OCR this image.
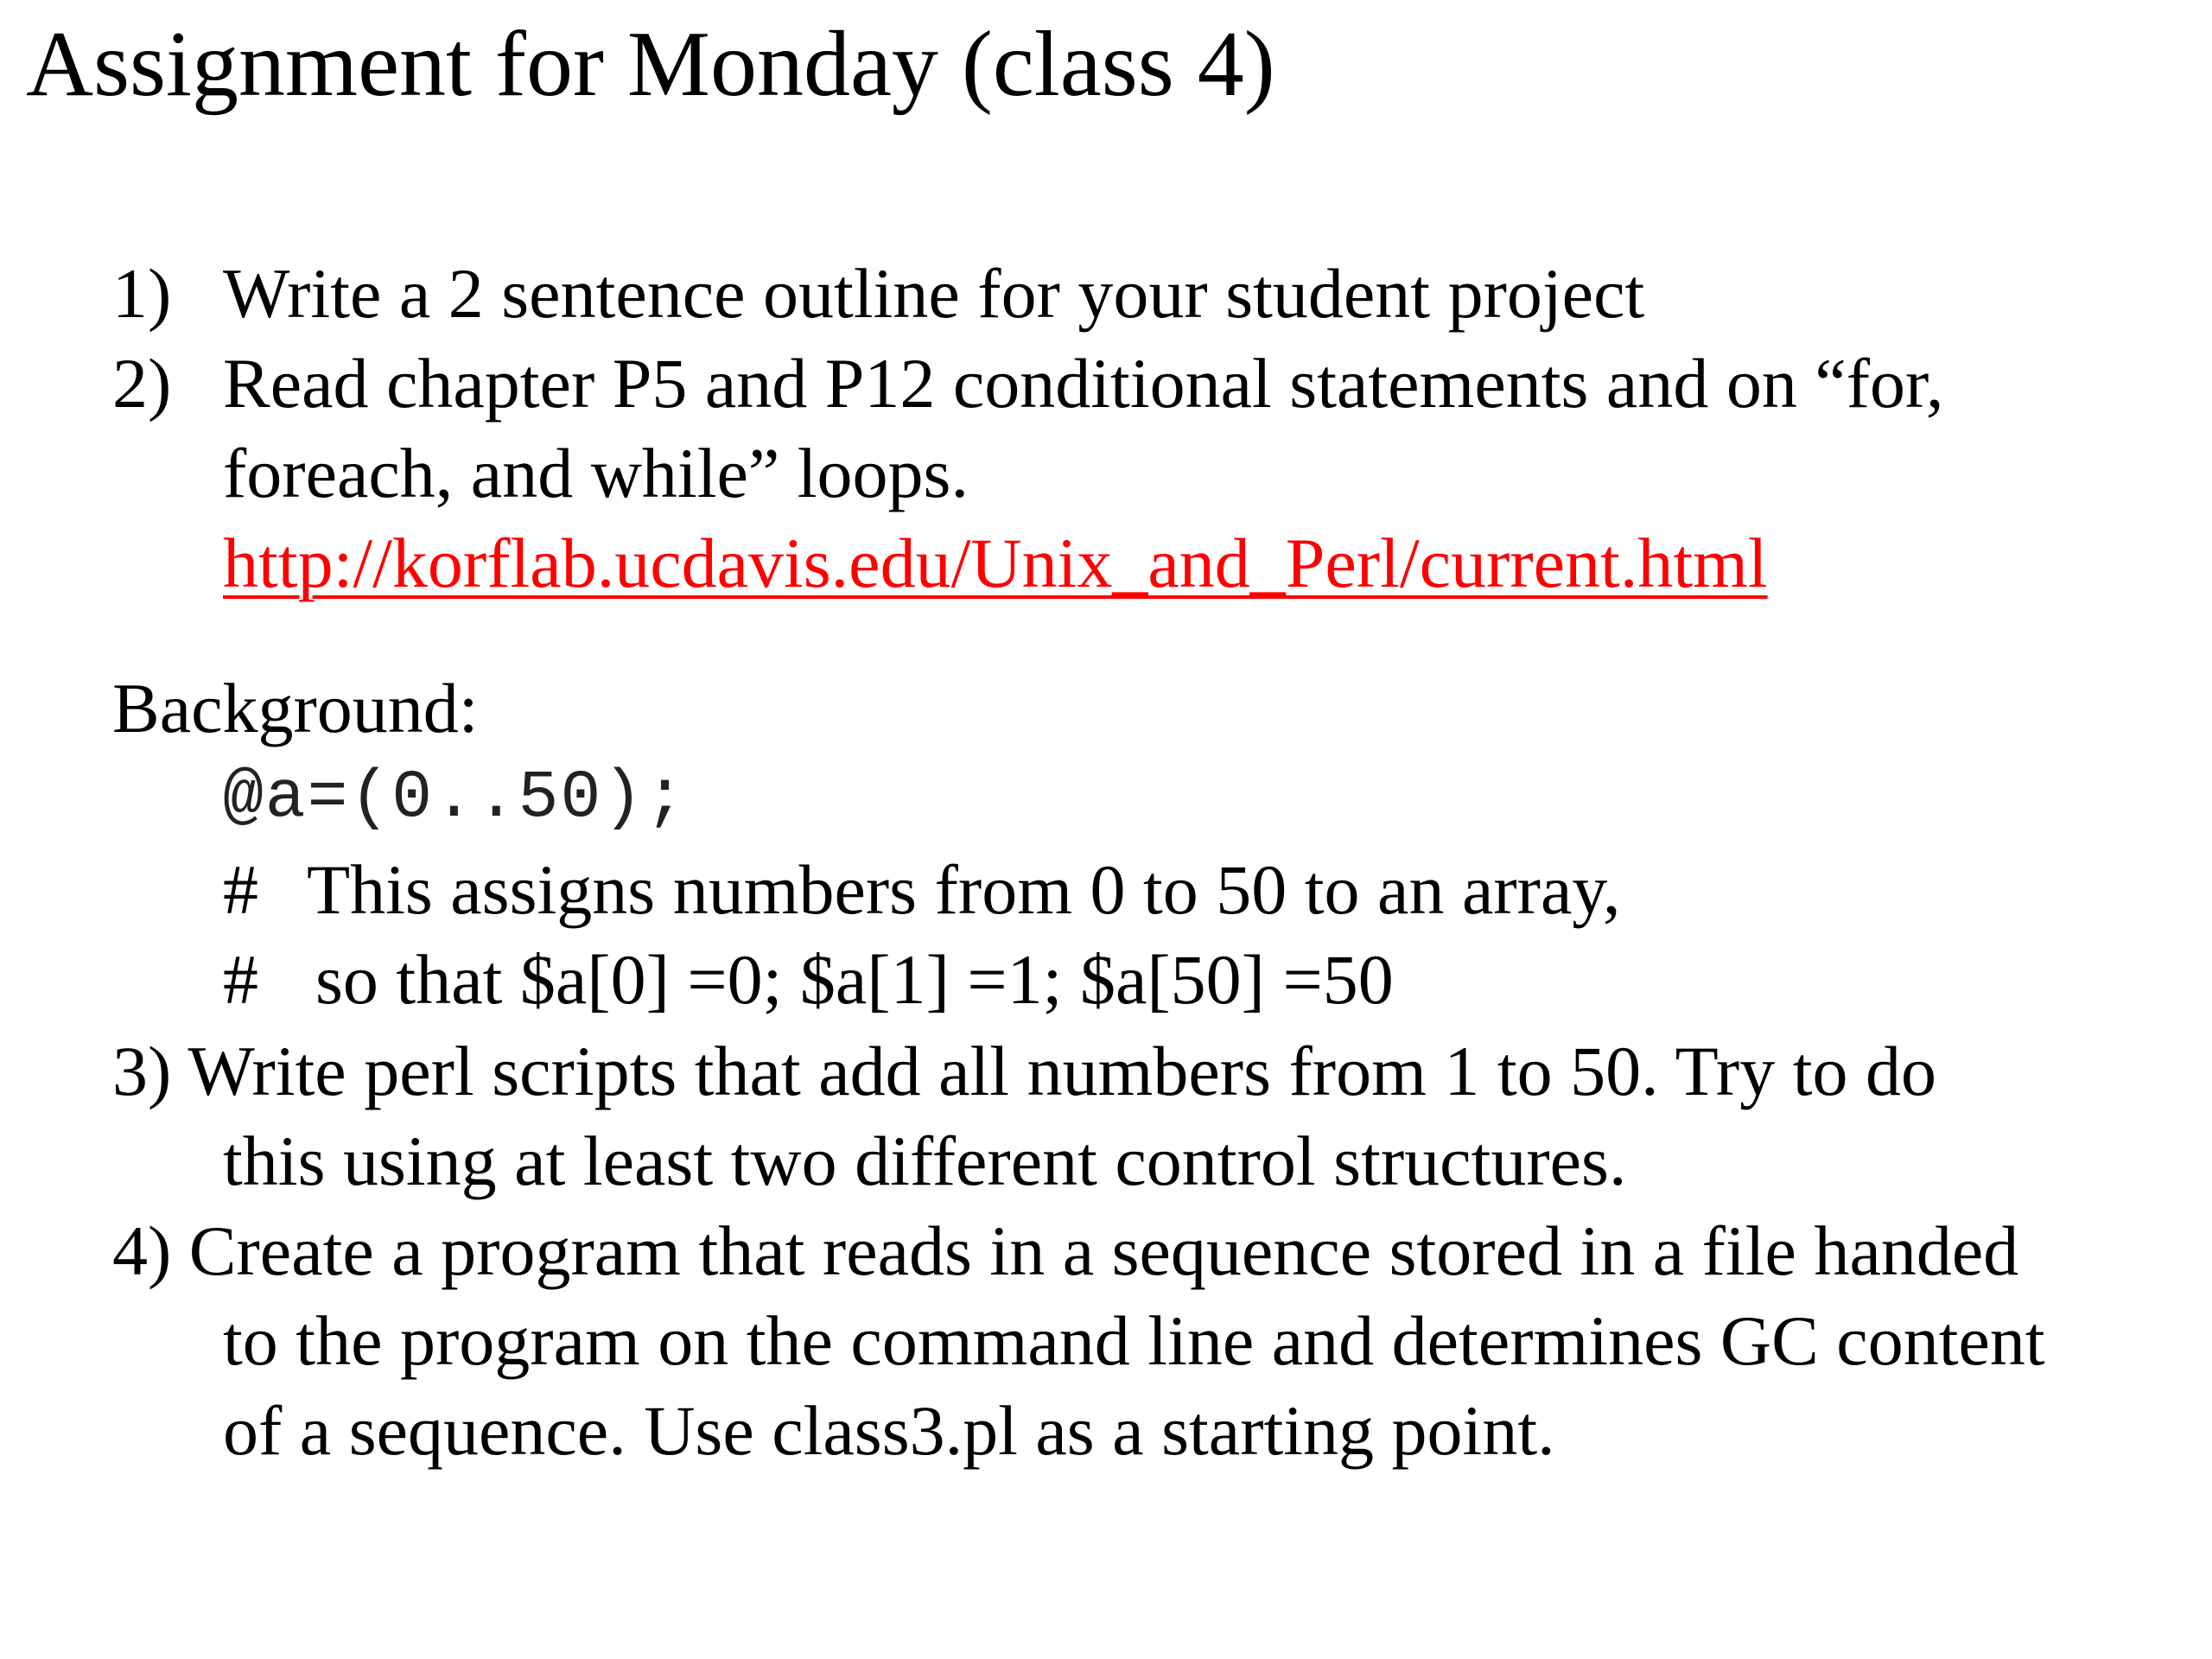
Assignment for Monday (class 4)
1) Write a 2 sentence outline for your student project
2) Read chapter P5 and P12 conditional statements and on “for,
foreach, and while” loops.
http://korflab.ucdavis.edu/Unix_and_Perl/current.html
Background:
@a=(0..50);
# This assigns numbers from 0 to 50 to an array,
# so that $a[0] =0; $a[1] =1; $a[50] =50
3) Write perl scripts that add all numbers from 1 to 50. Try to do
this using at least two different control structures.
4) Create a program that reads in a sequence stored in a file handed
to the program on the command line and determines GC content
of a sequence. Use class3.pl as a starting point.
